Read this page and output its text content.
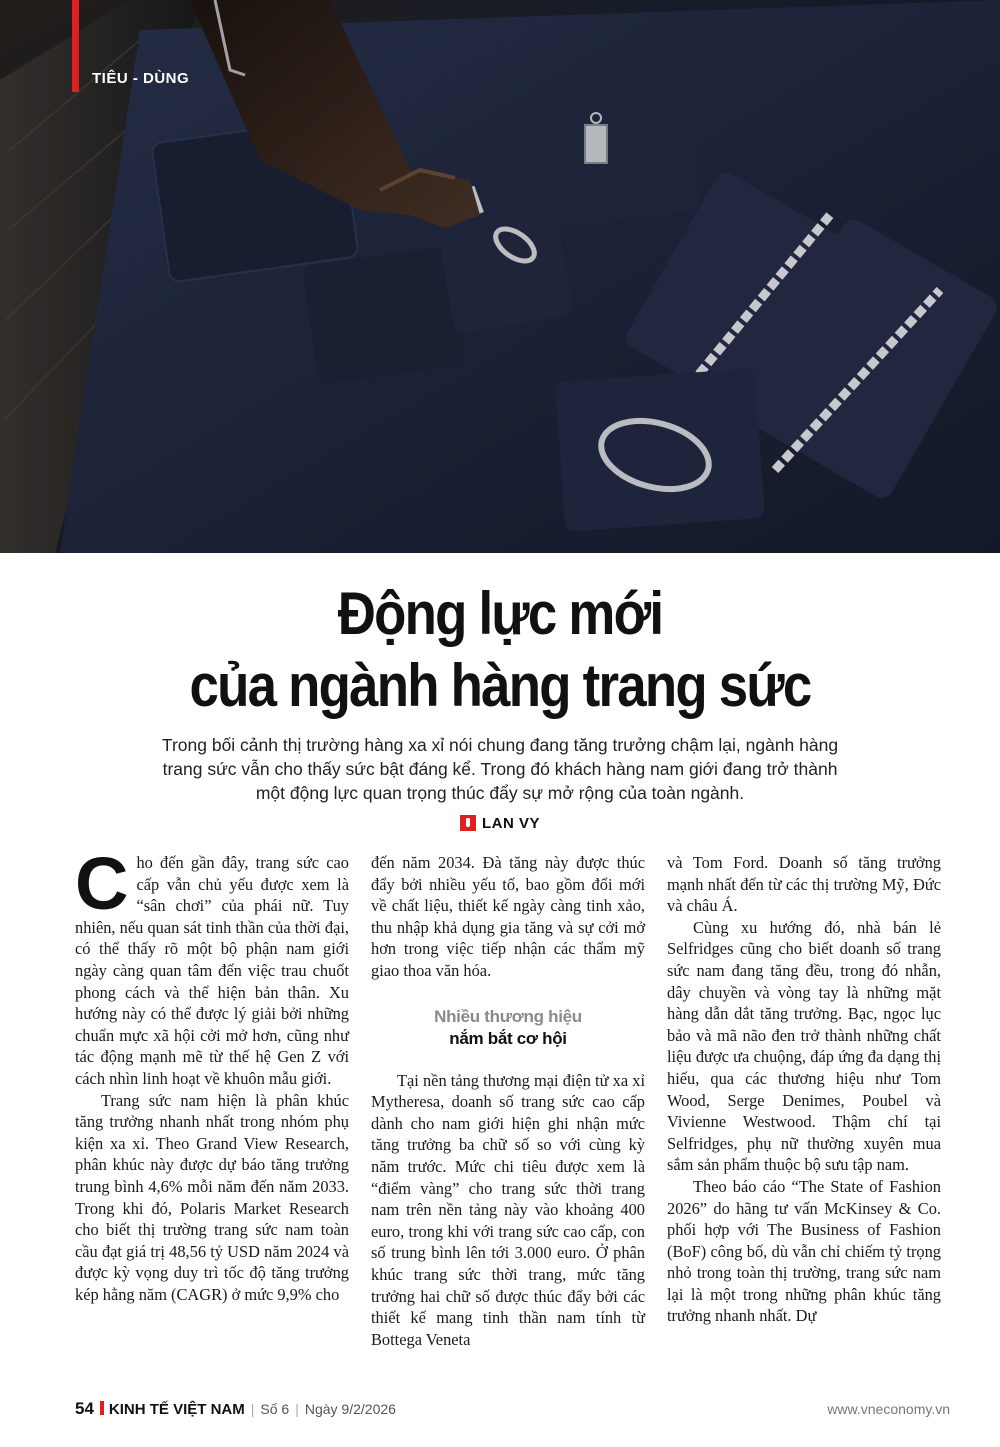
TIÊU - DÙNG
Động lực mới
của ngành hàng trang sức
Trong bối cảnh thị trường hàng xa xỉ nói chung đang tăng trưởng chậm lại, ngành hàng trang sức vẫn cho thấy sức bật đáng kể. Trong đó khách hàng nam giới đang trở thành một động lực quan trọng thúc đẩy sự mở rộng của toàn ngành.
LAN VY

Cho đến gần đây, trang sức cao cấp vẫn chủ yếu được xem là “sân chơi” của phái nữ. Tuy nhiên, nếu quan sát tinh thần của thời đại, có thể thấy rõ một bộ phận nam giới ngày càng quan tâm đến việc trau chuốt phong cách và thể hiện bản thân. Xu hướng này có thể được lý giải bởi những chuẩn mực xã hội cởi mở hơn, cũng như tác động mạnh mẽ từ thế hệ Gen Z với cách nhìn linh hoạt về khuôn mẫu giới.

Trang sức nam hiện là phân khúc tăng trưởng nhanh nhất trong nhóm phụ kiện xa xỉ. Theo Grand View Research, phân khúc này được dự báo tăng trưởng trung bình 4,6% mỗi năm đến năm 2033. Trong khi đó, Polaris Market Research cho biết thị trường trang sức nam toàn cầu đạt giá trị 48,56 tỷ USD năm 2024 và được kỳ vọng duy trì tốc độ tăng trưởng kép hằng năm (CAGR) ở mức 9,9% cho

đến năm 2034. Đà tăng này được thúc đẩy bởi nhiều yếu tố, bao gồm đổi mới về chất liệu, thiết kế ngày càng tinh xảo, thu nhập khả dụng gia tăng và sự cởi mở hơn trong việc tiếp nhận các thẩm mỹ giao thoa văn hóa.

Nhiều thương hiệu
nắm bắt cơ hội

Tại nền tảng thương mại điện tử xa xỉ Mytheresa, doanh số trang sức cao cấp dành cho nam giới hiện ghi nhận mức tăng trưởng ba chữ số so với cùng kỳ năm trước. Mức chi tiêu được xem là “điểm vàng” cho trang sức thời trang nam trên nền tảng này vào khoảng 400 euro, trong khi với trang sức cao cấp, con số trung bình lên tới 3.000 euro. Ở phân khúc trang sức thời trang, mức tăng trưởng hai chữ số được thúc đẩy bởi các thiết kế mang tinh thần nam tính từ Bottega Veneta

và Tom Ford. Doanh số tăng trưởng mạnh nhất đến từ các thị trường Mỹ, Đức và châu Á.

Cùng xu hướng đó, nhà bán lẻ Selfridges cũng cho biết doanh số trang sức nam đang tăng đều, trong đó nhẫn, dây chuyền và vòng tay là những mặt hàng dẫn dắt tăng trưởng. Bạc, ngọc lục bảo và mã não đen trở thành những chất liệu được ưa chuộng, đáp ứng đa dạng thị hiếu, qua các thương hiệu như Tom Wood, Serge Denimes, Poubel và Vivienne Westwood. Thậm chí tại Selfridges, phụ nữ thường xuyên mua sắm sản phẩm thuộc bộ sưu tập nam.

Theo báo cáo “The State of Fashion 2026” do hãng tư vấn McKinsey & Co. phối hợp với The Business of Fashion (BoF) công bố, dù vẫn chỉ chiếm tỷ trọng nhỏ trong toàn thị trường, trang sức nam lại là một trong những phân khúc tăng trưởng nhanh nhất. Dự

54 KINH TẾ VIỆT NAM | Số 6 | Ngày 9/2/2026	www.vneconomy.vn
